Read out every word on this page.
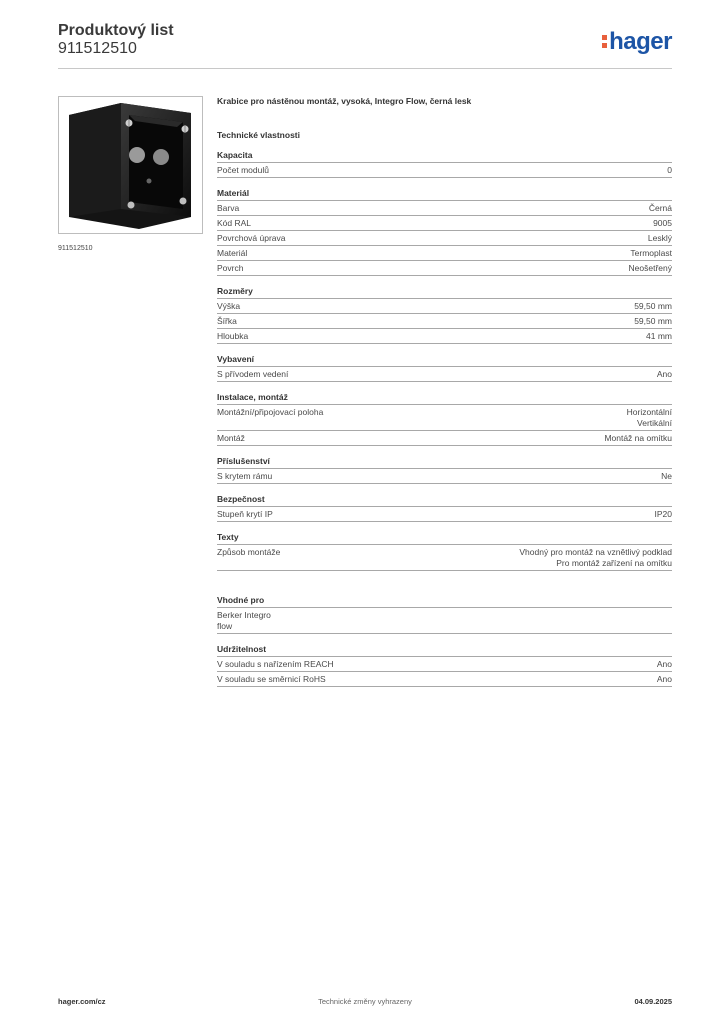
Produktový list
911512510	hager
911512510
Krabice pro nástěnou montáž, vysoká, Integro Flow, černá lesk
Technické vlastnosti
Kapacita
Počet modulů	0
Materiál
Barva	Černá
Kód RAL	9005
Povrchová úprava	Lesklý
Materiál	Termoplast
Povrch	Neošetřený
Rozměry
Výška	59,50 mm
Šířka	59,50 mm
Hloubka	41 mm
Vybavení
S přívodem vedení	Ano
Instalace, montáž
Montážní/připojovací poloha	Horizontální
Vertikální
Montáž	Montáž na omítku
Příslušenství
S krytem rámu	Ne
Bezpečnost
Stupeň krytí IP	IP20
Texty
Způsob montáže	Vhodný pro montáž na vznětlivý podklad
Pro montáž zařízení na omítku
Vhodné pro
Berker Integro
flow
Udržitelnost
V souladu s nařízením REACH	Ano
V souladu se směrnicí RoHS	Ano
hager.com/cz	Technické změny vyhrazeny	04.09.2025
